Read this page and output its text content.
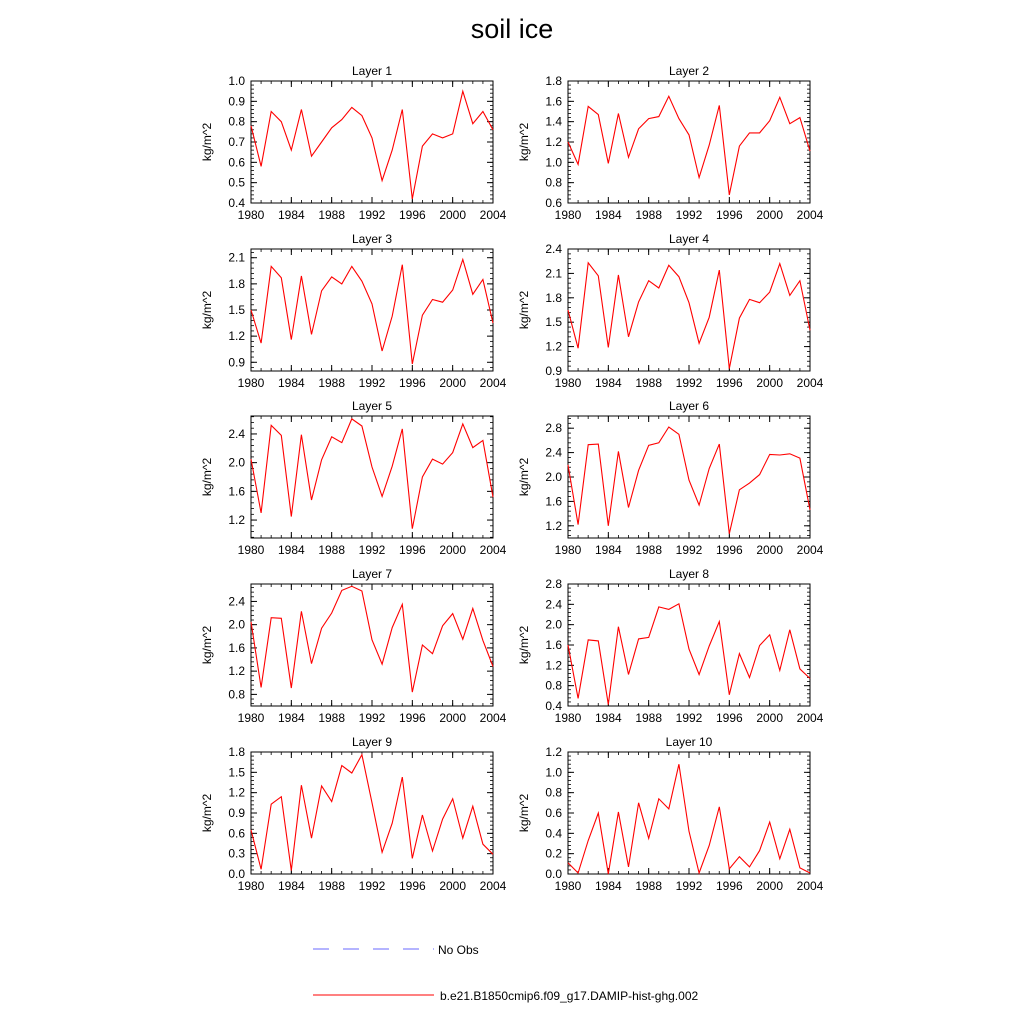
soil ice
Layer 1
1980 1984 1988 1992 1996 2000 2004
0.4
0.5
0.6
0.7
0.8
0.9
1.0
kg/m^2
Layer 2
1980 1984 1988 1992 1996 2000 2004
0.6
0.8
1.0
1.2
1.4
1.6
1.8
kg/m^2
Layer 3
1980 1984 1988 1992 1996 2000 2004
0.9
1.2
1.5
1.8
2.1
kg/m^2
Layer 4
1980 1984 1988 1992 1996 2000 2004
0.9
1.2
1.5
1.8
2.1
2.4
kg/m^2
Layer 5
1980 1984 1988 1992 1996 2000 2004
1.2
1.6
2.0
2.4
kg/m^2
Layer 6
1980 1984 1988 1992 1996 2000 2004
1.2
1.6
2.0
2.4
2.8
kg/m^2
Layer 7
1980 1984 1988 1992 1996 2000 2004
0.8
1.2
1.6
2.0
2.4
kg/m^2
Layer 8
1980 1984 1988 1992 1996 2000 2004
0.4
0.8
1.2
1.6
2.0
2.4
2.8
kg/m^2
Layer 9
1980 1984 1988 1992 1996 2000 2004
0.0
0.3
0.6
0.9
1.2
1.5
1.8
kg/m^2
Layer 10
1980 1984 1988 1992 1996 2000 2004
0.0
0.2
0.4
0.6
0.8
1.0
1.2
kg/m^2
No Obs
b.e21.B1850cmip6.f09_g17.DAMIP-hist-ghg.002
